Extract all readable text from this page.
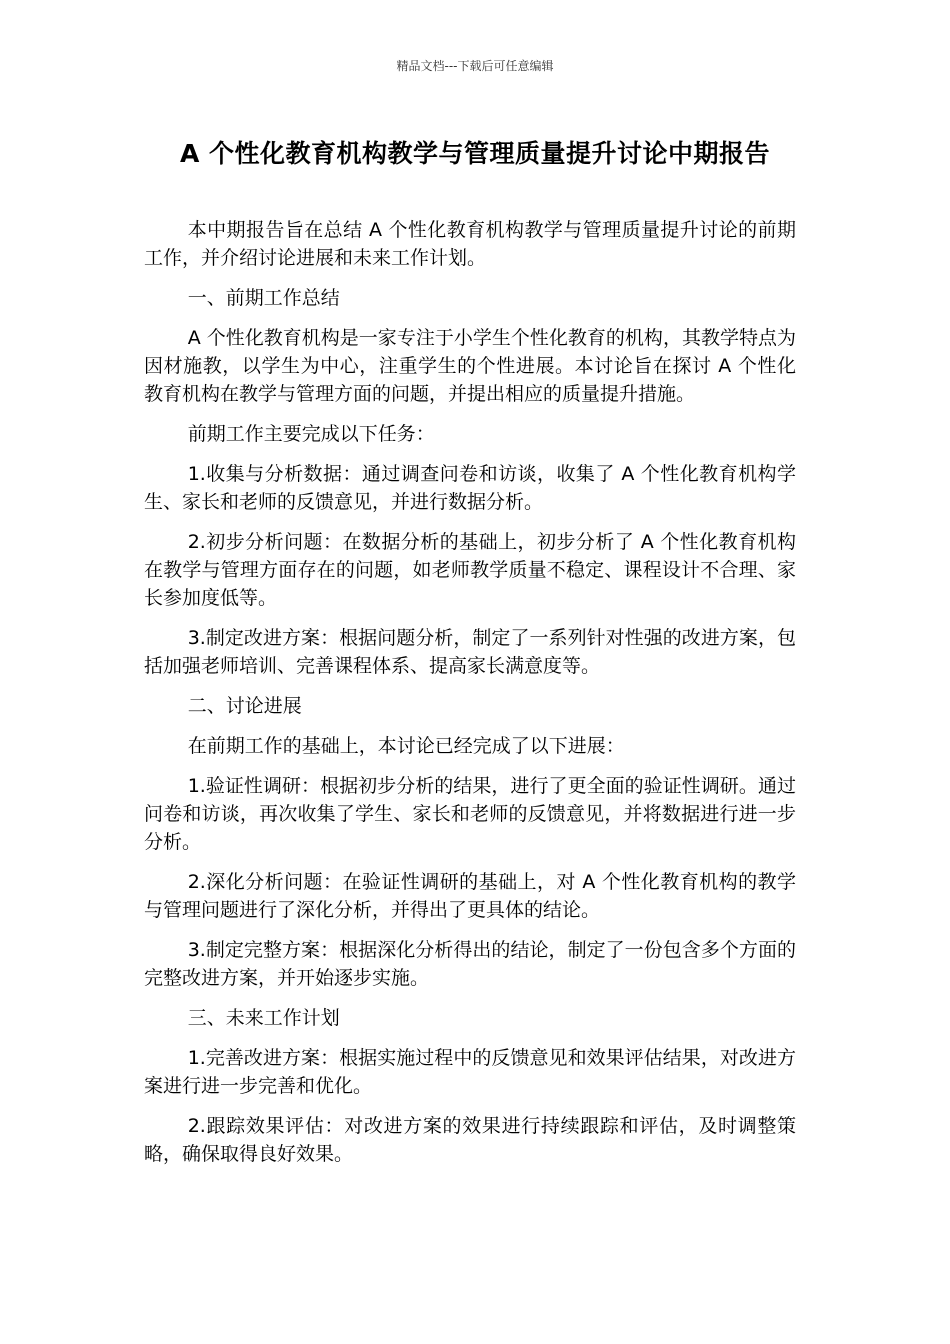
精品文档---下载后可任意编辑
A 个性化教育机构教学与管理质量提升讨论中期报告

本中期报告旨在总结 A 个性化教育机构教学与管理质量提升讨论的前期工作，并介绍讨论进展和未来工作计划。

一、前期工作总结

A 个性化教育机构是一家专注于小学生个性化教育的机构，其教学特点为因材施教，以学生为中心，注重学生的个性进展。本讨论旨在探讨 A 个性化教育机构在教学与管理方面的问题，并提出相应的质量提升措施。

前期工作主要完成以下任务：

1.收集与分析数据：通过调查问卷和访谈，收集了 A 个性化教育机构学生、家长和老师的反馈意见，并进行数据分析。

2.初步分析问题：在数据分析的基础上，初步分析了 A 个性化教育机构在教学与管理方面存在的问题，如老师教学质量不稳定、课程设计不合理、家长参加度低等。

3.制定改进方案：根据问题分析，制定了一系列针对性强的改进方案，包括加强老师培训、完善课程体系、提高家长满意度等。

二、讨论进展

在前期工作的基础上，本讨论已经完成了以下进展：

1.验证性调研：根据初步分析的结果，进行了更全面的验证性调研。通过问卷和访谈，再次收集了学生、家长和老师的反馈意见，并将数据进行进一步分析。

2.深化分析问题：在验证性调研的基础上，对 A 个性化教育机构的教学与管理问题进行了深化分析，并得出了更具体的结论。

3.制定完整方案：根据深化分析得出的结论，制定了一份包含多个方面的完整改进方案，并开始逐步实施。

三、未来工作计划

1.完善改进方案：根据实施过程中的反馈意见和效果评估结果，对改进方案进行进一步完善和优化。

2.跟踪效果评估：对改进方案的效果进行持续跟踪和评估，及时调整策略，确保取得良好效果。
